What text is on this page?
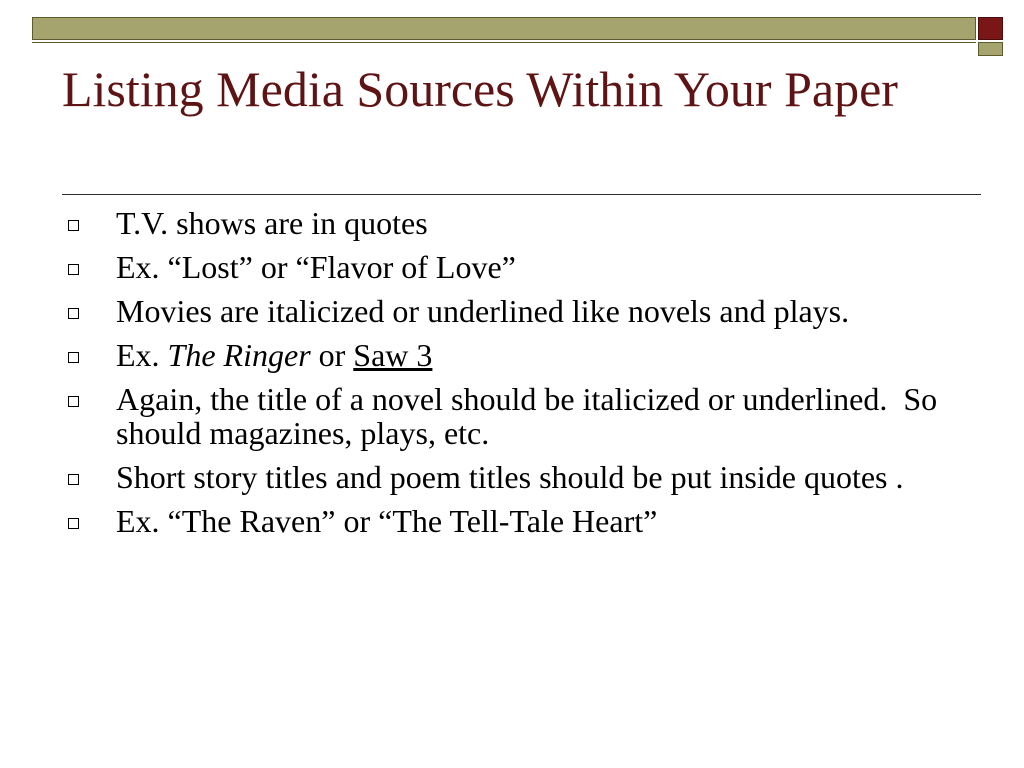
Listing Media Sources Within Your Paper
T.V. shows are in quotes
Ex. “Lost” or “Flavor of Love”
Movies are italicized or underlined like novels and plays.
Ex. The Ringer or Saw 3
Again, the title of a novel should be italicized or underlined.  So should magazines, plays, etc.
Short story titles and poem titles should be put inside quotes .
Ex. “The Raven” or “The Tell-Tale Heart”
